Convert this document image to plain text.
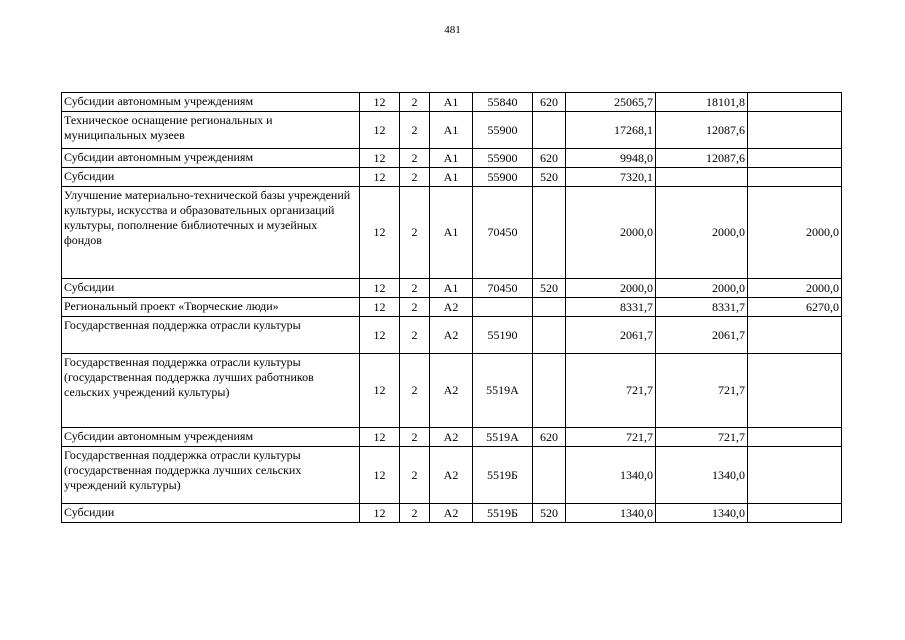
481
Субсидии автономным учреждениям	12	2	А1	55840	620	25065,7	18101,8	
Техническое оснащение региональных и муниципальных музеев	12	2	А1	55900		17268,1	12087,6	
Субсидии автономным учреждениям	12	2	А1	55900	620	9948,0	12087,6	
Субсидии	12	2	А1	55900	520	7320,1		
Улучшение материально-технической базы учреждений культуры, искусства и образовательных организаций культуры, пополнение библиотечных и музейных фондов	12	2	А1	70450		2000,0	2000,0	2000,0
Субсидии	12	2	А1	70450	520	2000,0	2000,0	2000,0
Региональный проект «Творческие люди»	12	2	А2			8331,7	8331,7	6270,0
Государственная поддержка отрасли культуры	12	2	А2	55190		2061,7	2061,7	
Государственная поддержка отрасли культуры (государственная поддержка лучших работников сельских учреждений культуры)	12	2	А2	5519А		721,7	721,7	
Субсидии автономным учреждениям	12	2	А2	5519А	620	721,7	721,7	
Государственная поддержка отрасли культуры (государственная поддержка лучших сельских учреждений культуры)	12	2	А2	5519Б		1340,0	1340,0	
Субсидии	12	2	А2	5519Б	520	1340,0	1340,0	
